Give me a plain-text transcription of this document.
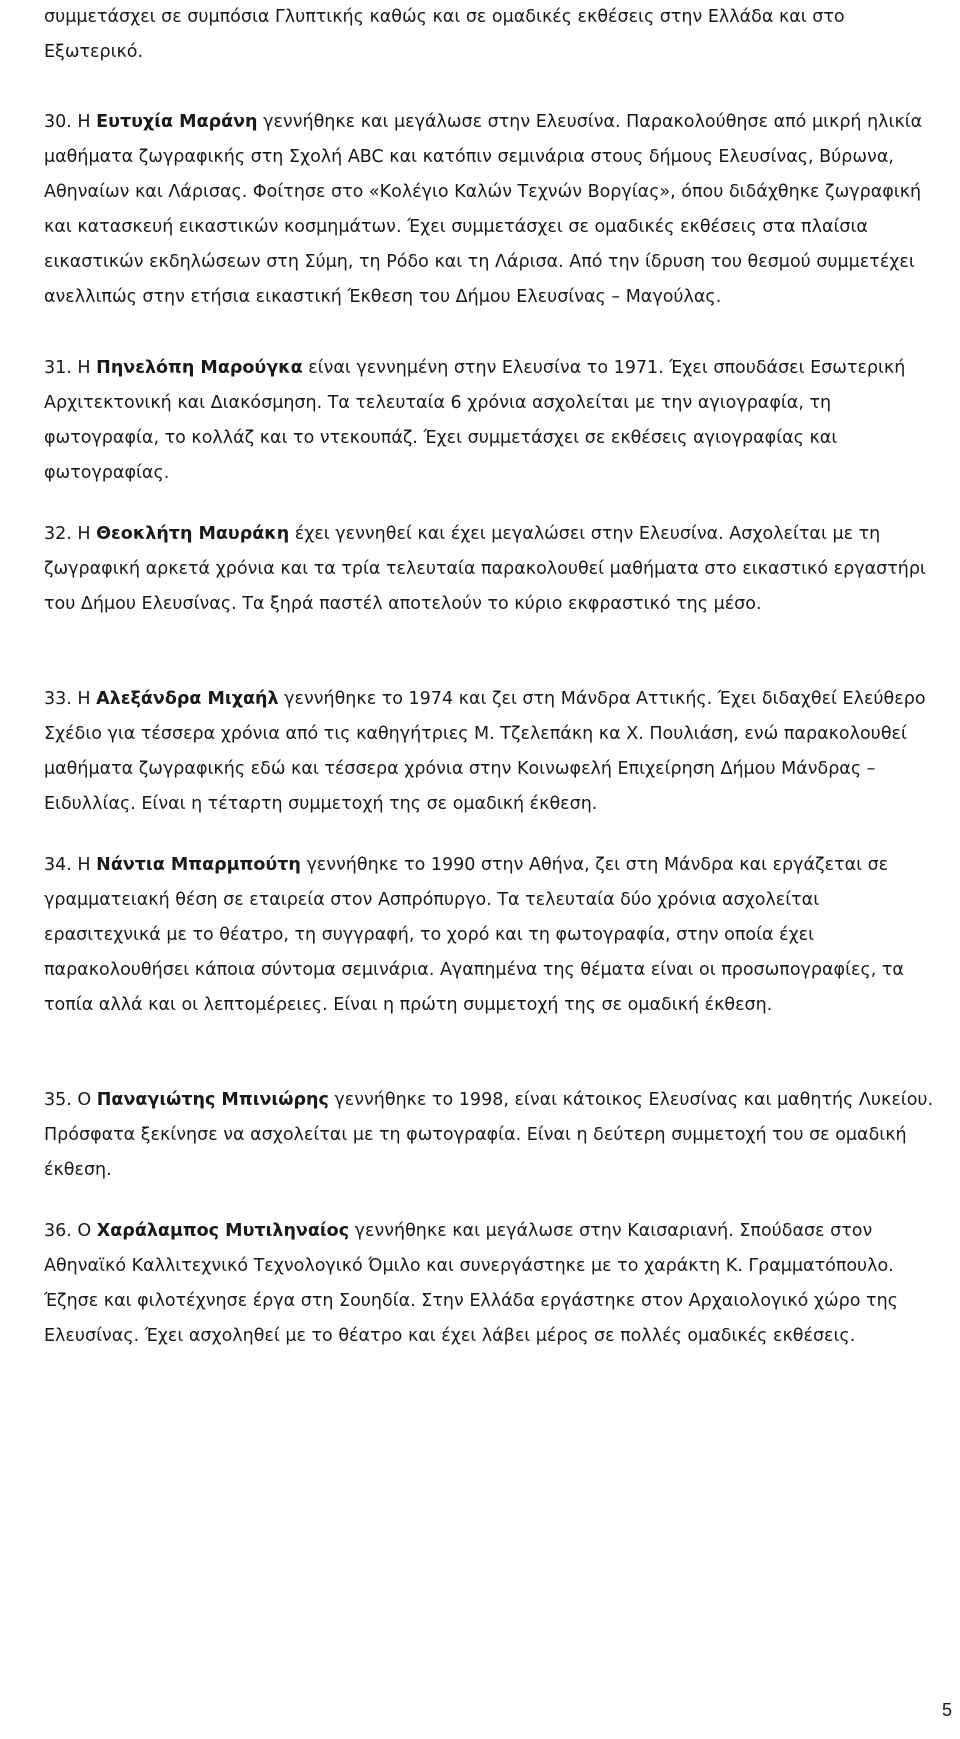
συμμετάσχει σε συμπόσια Γλυπτικής καθώς και σε ομαδικές εκθέσεις στην Ελλάδα και στο Εξωτερικό.

30. Η Ευτυχία Μαράνη γεννήθηκε και μεγάλωσε στην Ελευσίνα. Παρακολούθησε από μικρή ηλικία μαθήματα ζωγραφικής στη Σχολή ABC και κατόπιν σεμινάρια στους δήμους Ελευσίνας, Βύρωνα, Αθηναίων και Λάρισας. Φοίτησε στο «Κολέγιο Καλών Τεχνών Βοργίας», όπου διδάχθηκε ζωγραφική και κατασκευή εικαστικών κοσμημάτων. Έχει συμμετάσχει σε ομαδικές εκθέσεις στα πλαίσια εικαστικών εκδηλώσεων στη Σύμη, τη Ρόδο και τη Λάρισα. Από την ίδρυση του θεσμού συμμετέχει ανελλιπώς στην ετήσια εικαστική Έκθεση του Δήμου Ελευσίνας – Μαγούλας.

31. Η Πηνελόπη Μαρούγκα είναι γεννημένη στην Ελευσίνα το 1971. Έχει σπουδάσει Εσωτερική Αρχιτεκτονική και Διακόσμηση. Τα τελευταία 6 χρόνια ασχολείται με την αγιογραφία, τη φωτογραφία, το κολλάζ και το ντεκουπάζ. Έχει συμμετάσχει σε εκθέσεις αγιογραφίας και φωτογραφίας.

32. Η Θεοκλήτη Μαυράκη έχει γεννηθεί και έχει μεγαλώσει στην Ελευσίνα. Ασχολείται με τη ζωγραφική αρκετά χρόνια και τα τρία τελευταία παρακολουθεί μαθήματα στο εικαστικό εργαστήρι του Δήμου Ελευσίνας. Τα ξηρά παστέλ αποτελούν το κύριο εκφραστικό της μέσο.

33. Η Αλεξάνδρα Μιχαήλ γεννήθηκε το 1974 και ζει στη Μάνδρα Αττικής. Έχει διδαχθεί Ελεύθερο Σχέδιο για τέσσερα χρόνια από τις καθηγήτριες Μ. Τζελεπάκη κα Χ. Πουλιάση, ενώ παρακολουθεί μαθήματα ζωγραφικής εδώ και τέσσερα χρόνια στην Κοινωφελή Επιχείρηση Δήμου Μάνδρας – Ειδυλλίας. Είναι η τέταρτη συμμετοχή της σε ομαδική έκθεση.

34. Η Νάντια Μπαρμπούτη γεννήθηκε το 1990 στην Αθήνα, ζει στη Μάνδρα και εργάζεται σε γραμματειακή θέση σε εταιρεία στον Ασπρόπυργο. Τα τελευταία δύο χρόνια ασχολείται ερασιτεχνικά με το θέατρο, τη συγγραφή, το χορό και τη φωτογραφία, στην οποία έχει παρακολουθήσει κάποια σύντομα σεμινάρια. Αγαπημένα της θέματα είναι οι προσωπογραφίες, τα τοπία αλλά και οι λεπτομέρειες. Είναι η πρώτη συμμετοχή της σε ομαδική έκθεση.

35. Ο Παναγιώτης Μπινιώρης γεννήθηκε το 1998, είναι κάτοικος Ελευσίνας και μαθητής Λυκείου. Πρόσφατα ξεκίνησε να ασχολείται με τη φωτογραφία. Είναι η δεύτερη συμμετοχή του σε ομαδική έκθεση.

36. Ο Χαράλαμπος Μυτιληναίος γεννήθηκε και μεγάλωσε στην Καισαριανή. Σπούδασε στον Αθηναϊκό Καλλιτεχνικό Τεχνολογικό Όμιλο και συνεργάστηκε με το χαράκτη Κ. Γραμματόπουλο. Έζησε και φιλοτέχνησε έργα στη Σουηδία. Στην Ελλάδα εργάστηκε στον Αρχαιολογικό χώρο της Ελευσίνας. Έχει ασχοληθεί με το θέατρο και έχει λάβει μέρος σε πολλές ομαδικές εκθέσεις.

5
